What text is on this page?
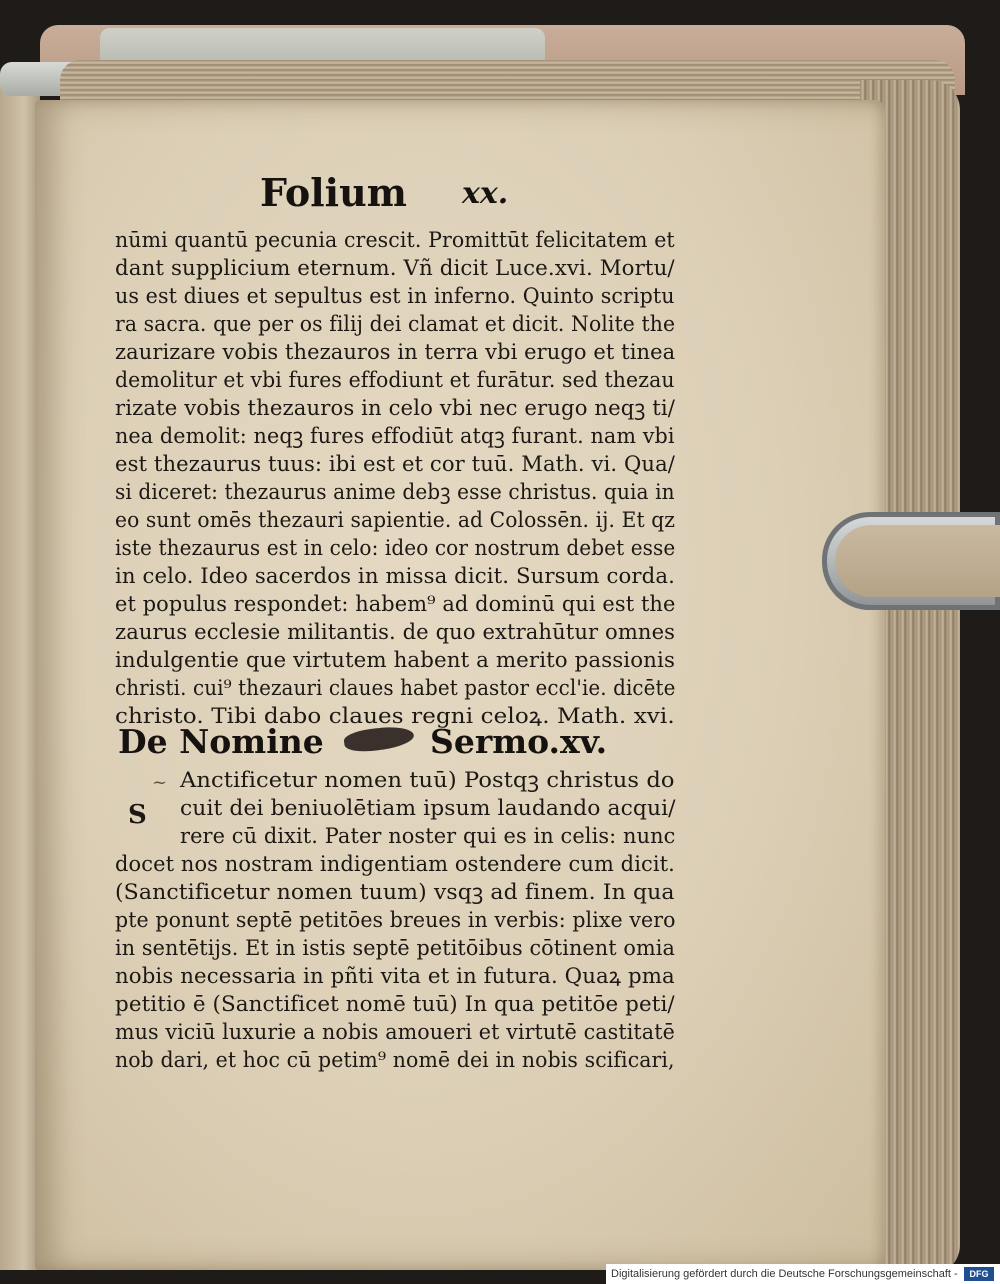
Folium xx.
nūmi quantū pecunia crescit. Promittūt felicitatem et
dant supplicium eternum. Vñ dicit Luce.xvi. Mortu/
us est diues et sepultus est in inferno. Quinto scriptu
ra sacra. que per os filij dei clamat et dicit. Nolite the
zaurizare vobis thezauros in terra vbi erugo et tinea
demolitur et vbi fures effodiunt et furātur. sed thezau
rizate vobis thezauros in celo vbi nec erugo neqꝫ ti/
nea demolit: neqꝫ fures effodiūt atqꝫ furant. nam vbi
est thezaurus tuus: ibi est et cor tuū. Math. vi. Qua/
si diceret: thezaurus anime debꝫ esse christus. quia in
eo sunt omēs thezauri sapientie. ad Colossēn. ij. Et qz
iste thezaurus est in celo: ideo cor nostrum debet esse
in celo. Ideo sacerdos in missa dicit. Sursum corda.
et populus respondet: habem⁹ ad dominū qui est the
zaurus ecclesie militantis. de quo extrahūtur omnes
indulgentie que virtutem habent a merito passionis
christi. cui⁹ thezauri claues habet pastor eccl'ie. dicēte
christo. Tibi dabo claues regni celoꝝ. Math. xvi.
De Nomine	Sermo.xv.
~
S
Anctificetur nomen tuū) Postqꝫ christus do
cuit dei beniuolētiam ipsum laudando acqui/
rere cū dixit. Pater noster qui es in celis: nunc
docet nos nostram indigentiam ostendere cum dicit.
(Sanctificetur nomen tuum) vsqꝫ ad finem. In qua
pte ponunt septē petitōes breues in verbis: plixe vero
in sentētijs. Et in istis septē petitōibus cōtinent omia
nobis necessaria in pñti vita et in futura. Quaꝝ pma
petitio ē (Sanctificet nomē tuū) In qua petitōe peti/
mus viciū luxurie a nobis amoueri et virtutē castitatē
nob dari, et hoc cū petim⁹ nomē dei in nobis scificari,
Digitalisierung gefördert durch die Deutsche Forschungsgemeinschaft -	DFG
